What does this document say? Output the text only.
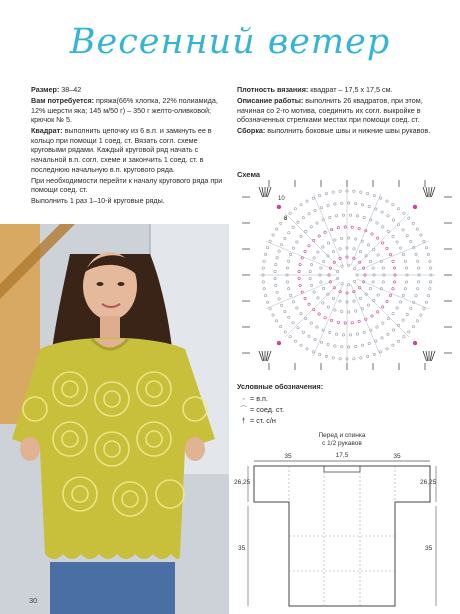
Весенний ветер

Размер: 38–42

Вам потребуется: пряжа(66% хлопка, 22% полиамида, 12% шерсти яка; 145 м/50 г) – 350 г желто-оливковой; крючок № 5.

Квадрат: выполнить цепочку из 6 в.п. и замкнуть ее в кольцо при помощи 1 соед. ст. Вязать согл. схеме круговыми рядами. Каждый круговой ряд начать с начальной в.п. согл. схеме и закончить 1 соед. ст. в последнюю начальную в.п. кругового ряда.

При необходимости перейти к началу кругового ряда при помощи соед. ст.

Выполнить 1 раз 1–10-й круговые ряды.

Плотность вязания: квадрат – 17,5 х 17,5 см.

Описание работы: выполнить 26 квадратов, при этом, начиная со 2-го мотива, соединить их согл. выкройке в обозначенных стрелками местах при помощи соед. ст.

Сборка: выполнить боковые швы и нижние швы рукавов.

30
Схема
10
8
Условные обозначения:
◦ = в.п.
⌒ = соед. ст.
† = ст. с/н
Перед и спинка
с 1/2 рукавов
35	17,5	35
26,25	26,25
35	35
